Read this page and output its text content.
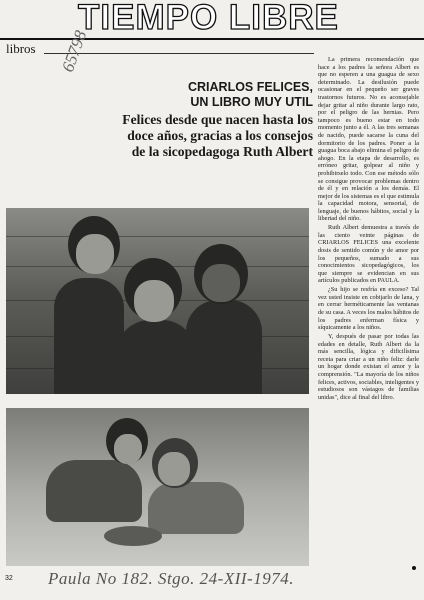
TIEMPO LIBRE
libros 65798
CRIARLOS FELICES,
UN LIBRO MUY UTIL
Felices desde que nacen hasta los
doce años, gracias a los consejos
de la sicopedagoga Ruth Albert

La primera recomendación que hace a los padres la señora Albert es que no esperen a una guagua de sexo determinado. La desilusión puede ocasionar en el pequeño ser graves trastornos futuros. No es aconsejable dejar gritar al niño durante largo rato, por el peligro de las hernias. Pero tampoco es bueno estar en todo momento junto a él. A las tres semanas de nacido, puede sacarse la cuna del dormitorio de los padres. Poner a la guagua boca abajo elimina el peligro de ahogo. En la etapa de desarrollo, es erróneo gritar, golpear al niño y prohibirselo todo. Con ese método sólo se consigue provocar problemas dentro de él y en relación a los demás. El mejor de los sistemas es el que estimula la capacidad motora, sensorial, de lenguaje, de buenos hábitos, social y la libertad del niño.

Ruth Albert demuestra a través de las ciento veinte páginas de CRIARLOS FELICES una excelente dosis de sentido común y de amor por los pequeños, sumado a sus conocimientos sicopedagógicos, los que siempre se evidencian en sus artículos publicados en PAULA.

¿Su hijo se resfría en exceso? Tal vez usted insiste en cobijarlo de lana, y en cerrar herméticamente las ventanas de su casa. A veces los malos hábitos de los padres enferman física y síquicamente a los niños.

Y, después de pasar por todas las edades en detalle, Ruth Albert da la más sencilla, lógica y dificilísima receta para criar a un niño feliz: darle un hogar donde existan el amor y la comprensión. "La mayoría de los niños felices, activos, sociables, inteligentes y estudiosos son vástagos de familias unidas", dice al final del libro.

32 Paula No 182. Stgo. 24-XII-1974.
